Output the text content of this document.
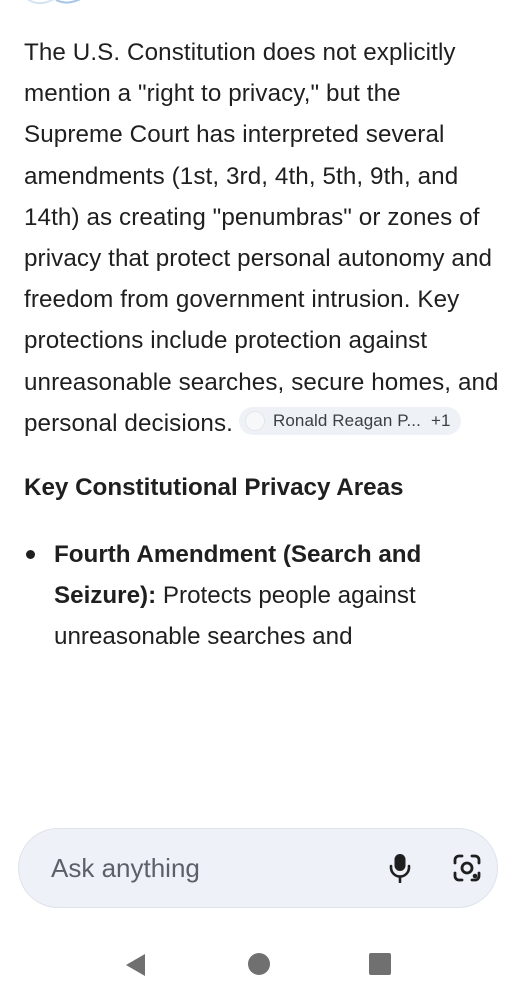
The U.S. Constitution does not explicitly mention a "right to privacy," but the Supreme Court has interpreted several amendments (1st, 3rd, 4th, 5th, 9th, and 14th) as creating "penumbras" or zones of privacy that protect personal autonomy and freedom from government intrusion. Key protections include protection against unreasonable searches, secure homes, and personal decisions. Ronald Reagan P... +1

Key Constitutional Privacy Areas
Fourth Amendment (Search and Seizure): Protects people against unreasonable searches and
Ask anything
